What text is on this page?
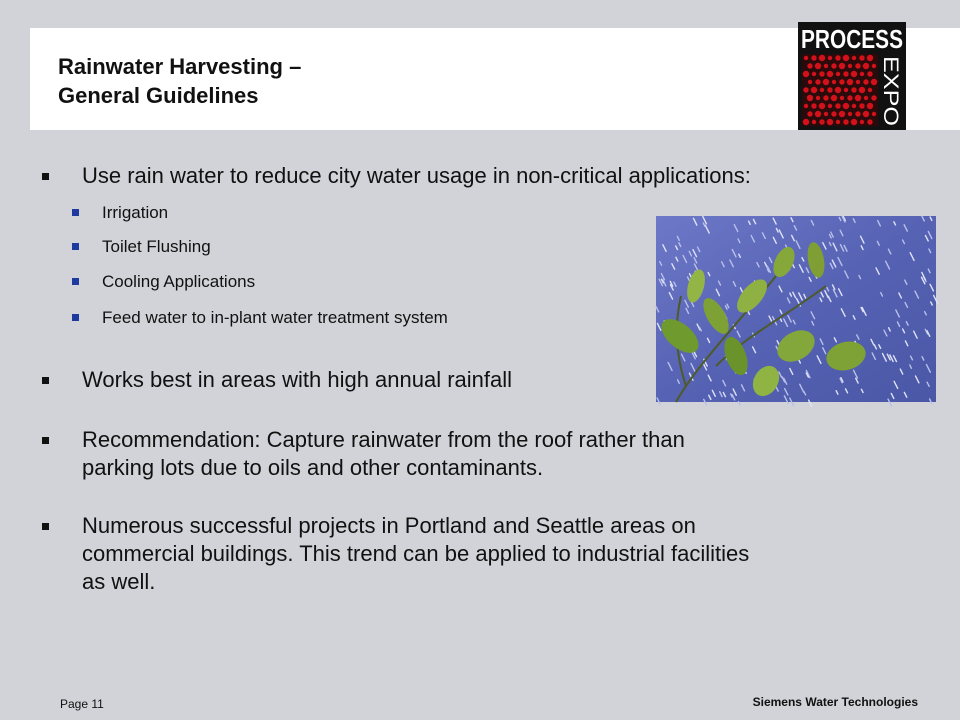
Rainwater Harvesting –
General Guidelines
PROCESS
EXPO
Use rain water to reduce city water usage in non-critical applications:
Irrigation
Toilet Flushing
Cooling Applications
Feed water to in-plant water treatment system
Works best in areas with high annual rainfall
Recommendation: Capture rainwater from the roof rather than
parking lots due to oils and other contaminants.
Numerous successful projects in Portland and Seattle areas on
commercial buildings. This trend can be applied to industrial facilities
as well.
Page 11	Siemens Water Technologies
